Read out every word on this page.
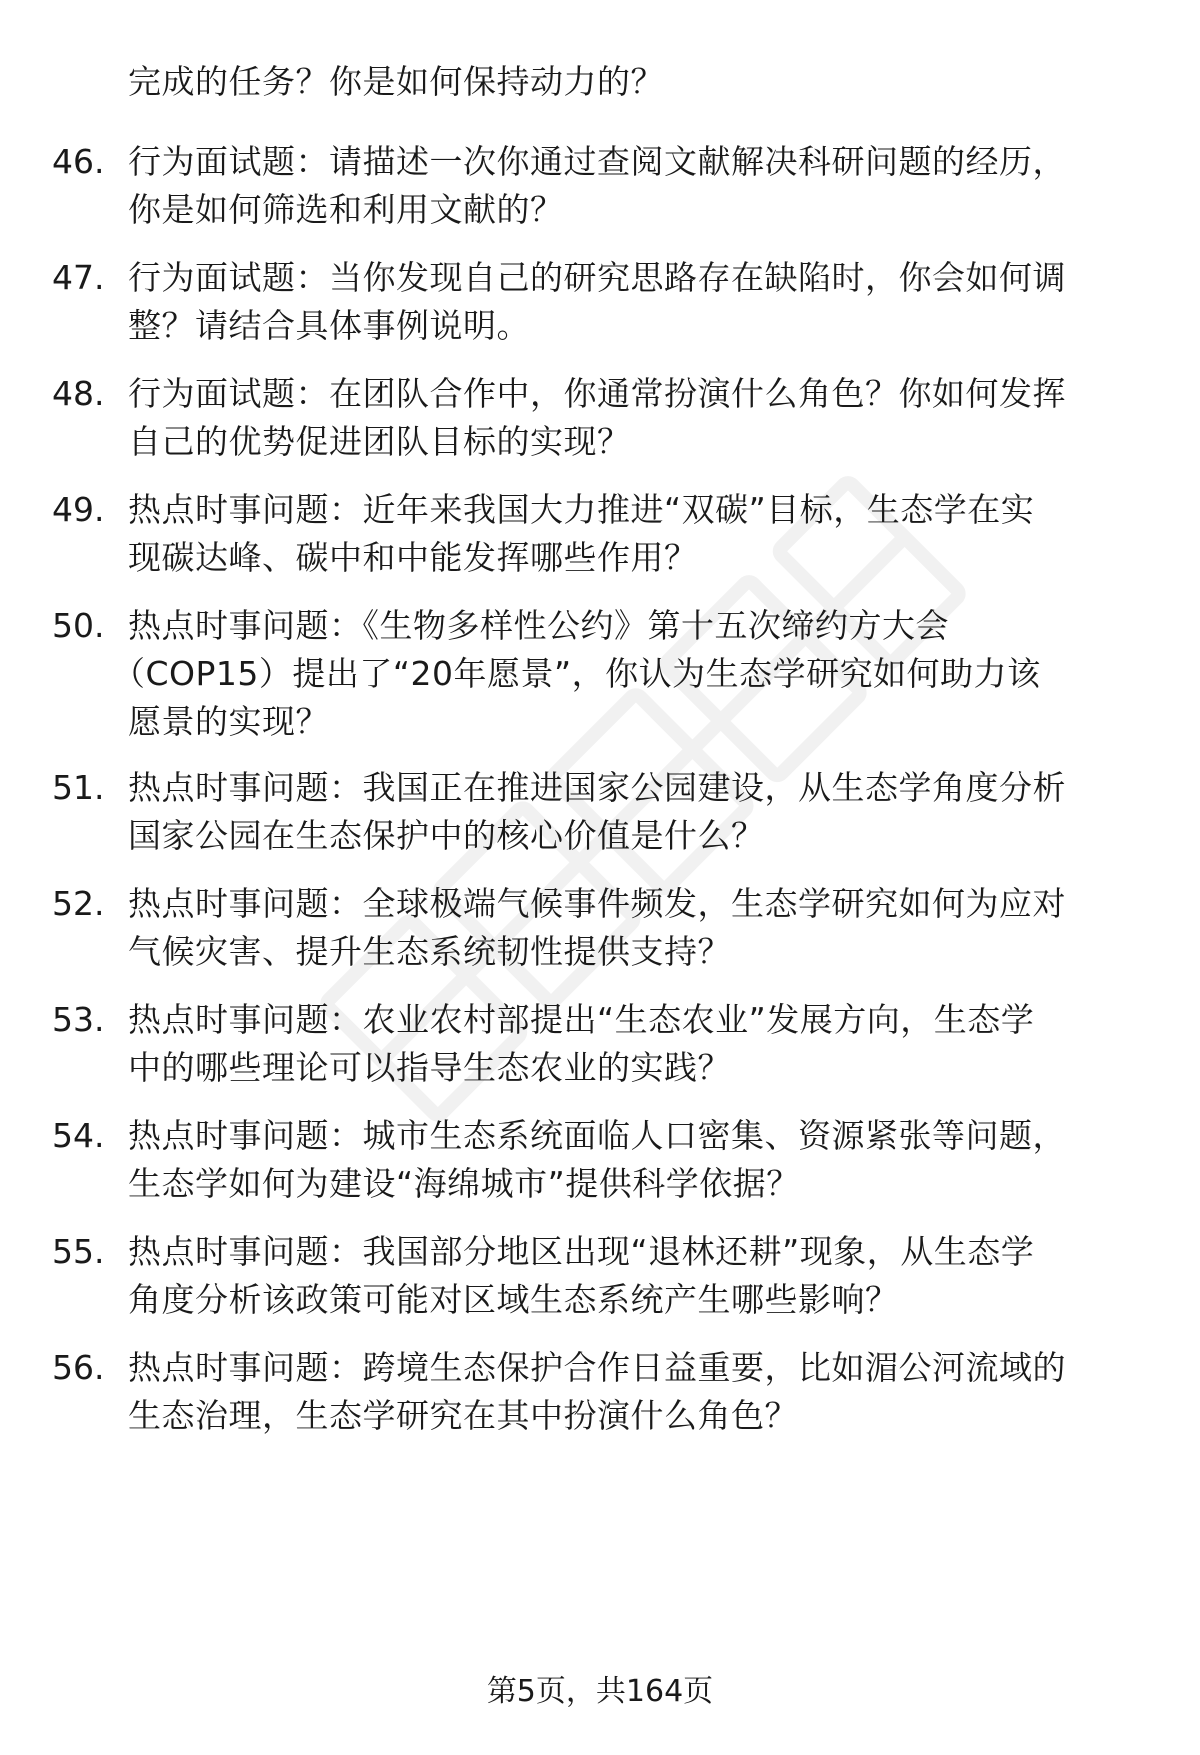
完成的任务？你是如何保持动力的？
46. 行为面试题：请描述一次你通过查阅文献解决科研问题的经历，
你是如何筛选和利用文献的？
47. 行为面试题：当你发现自己的研究思路存在缺陷时，你会如何调
整？请结合具体事例说明。
48. 行为面试题：在团队合作中，你通常扮演什么角色？你如何发挥
自己的优势促进团队目标的实现？
49. 热点时事问题：近年来我国大力推进“双碳”目标，生态学在实
现碳达峰、碳中和中能发挥哪些作用？
50. 热点时事问题：《生物多样性公约》第十五次缔约方大会
（COP15）提出了“20年愿景”，你认为生态学研究如何助力该
愿景的实现？
51. 热点时事问题：我国正在推进国家公园建设，从生态学角度分析
国家公园在生态保护中的核心价值是什么？
52. 热点时事问题：全球极端气候事件频发，生态学研究如何为应对
气候灾害、提升生态系统韧性提供支持？
53. 热点时事问题：农业农村部提出“生态农业”发展方向，生态学
中的哪些理论可以指导生态农业的实践？
54. 热点时事问题：城市生态系统面临人口密集、资源紧张等问题，
生态学如何为建设“海绵城市”提供科学依据？
55. 热点时事问题：我国部分地区出现“退林还耕”现象，从生态学
角度分析该政策可能对区域生态系统产生哪些影响？
56. 热点时事问题：跨境生态保护合作日益重要，比如湄公河流域的
生态治理，生态学研究在其中扮演什么角色？
第5页，共164页
